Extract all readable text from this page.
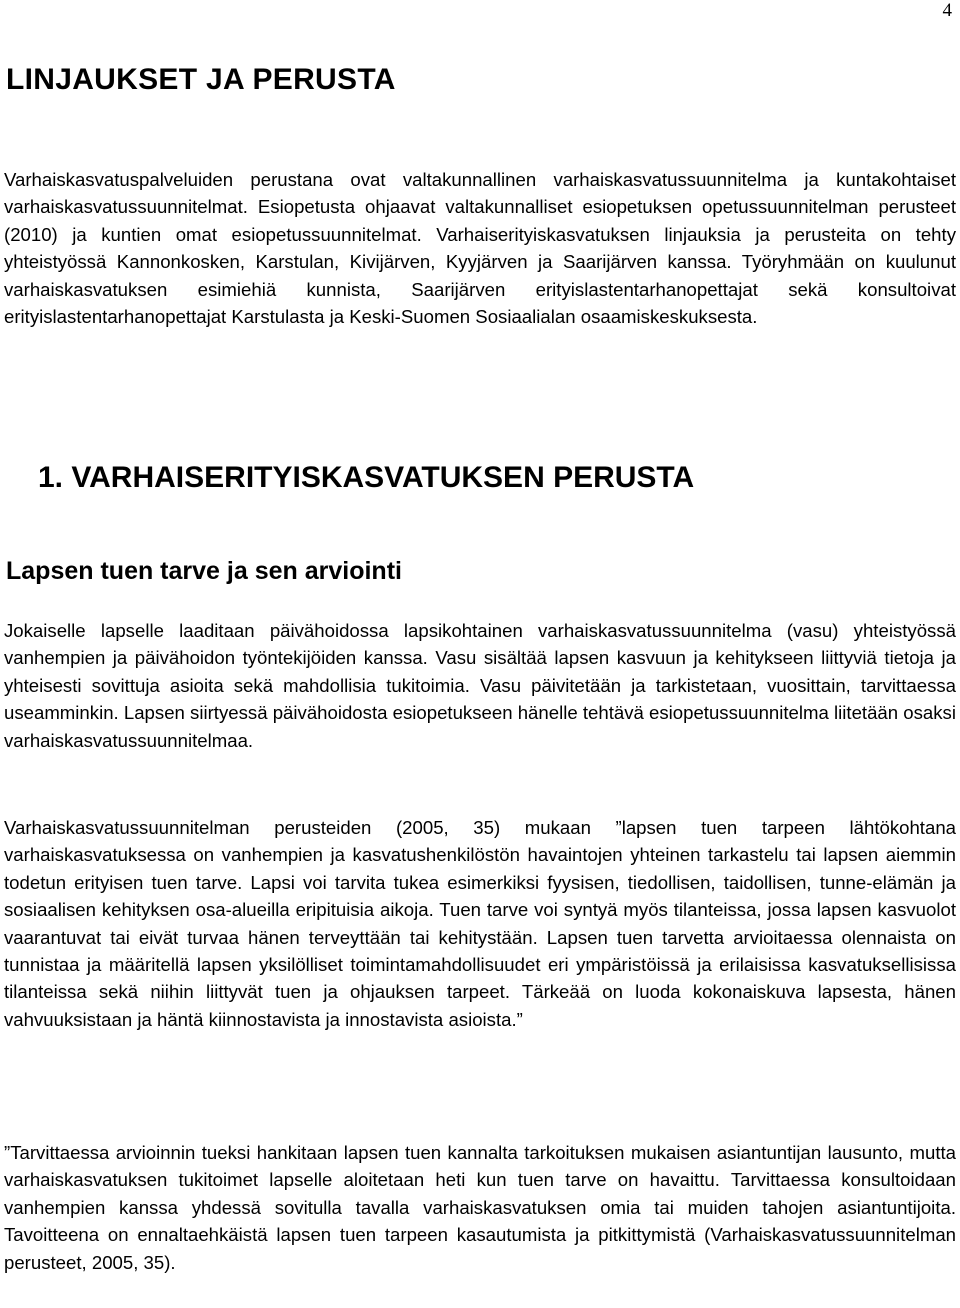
4
LINJAUKSET JA PERUSTA

Varhaiskasvatuspalveluiden perustana ovat valtakunnallinen varhaiskasvatussuunnitelma ja kuntakohtaiset varhaiskasvatussuunnitelmat. Esiopetusta ohjaavat valtakunnalliset esiopetuksen opetussuunnitelman perusteet (2010) ja kuntien omat esiopetussuunnitelmat. Varhaiserityiskasvatuksen linjauksia ja perusteita on tehty yhteistyössä Kannonkosken, Karstulan, Kivijärven, Kyyjärven ja Saarijärven kanssa. Työryhmään on kuulunut varhaiskasvatuksen esimiehiä kunnista, Saarijärven erityislastentarhanopettajat sekä konsultoivat erityislastentarhanopettajat Karstulasta ja Keski-Suomen Sosiaalialan osaamiskeskuksesta.

1. VARHAISERITYISKASVATUKSEN PERUSTA
Lapsen tuen tarve ja sen arviointi

Jokaiselle lapselle laaditaan päivähoidossa lapsikohtainen varhaiskasvatussuunnitelma (vasu) yhteistyössä vanhempien ja päivähoidon työntekijöiden kanssa. Vasu sisältää lapsen kasvuun ja kehitykseen liittyviä tietoja ja yhteisesti sovittuja asioita sekä mahdollisia tukitoimia. Vasu päivitetään ja tarkistetaan, vuosittain, tarvittaessa useamminkin. Lapsen siirtyessä päivähoidosta esiopetukseen hänelle tehtävä esiopetussuunnitelma liitetään osaksi varhaiskasvatussuunnitelmaa.

Varhaiskasvatussuunnitelman perusteiden (2005, 35) mukaan ”lapsen tuen tarpeen lähtökohtana varhaiskasvatuksessa on vanhempien ja kasvatushenkilöstön havaintojen yhteinen tarkastelu tai lapsen aiemmin todetun erityisen tuen tarve. Lapsi voi tarvita tukea esimerkiksi fyysisen, tiedollisen, taidollisen, tunne-elämän ja sosiaalisen kehityksen osa-alueilla eripituisia aikoja. Tuen tarve voi syntyä myös tilanteissa, jossa lapsen kasvuolot vaarantuvat tai eivät turvaa hänen terveyttään tai kehitystään. Lapsen tuen tarvetta arvioitaessa olennaista on tunnistaa ja määritellä lapsen yksilölliset toimintamahdollisuudet eri ympäristöissä ja erilaisissa kasvatuksellisissa tilanteissa sekä niihin liittyvät tuen ja ohjauksen tarpeet. Tärkeää on luoda kokonaiskuva lapsesta, hänen vahvuuksistaan ja häntä kiinnostavista ja innostavista asioista.”

”Tarvittaessa arvioinnin tueksi hankitaan lapsen tuen kannalta tarkoituksen mukaisen asiantuntijan lausunto, mutta varhaiskasvatuksen tukitoimet lapselle aloitetaan heti kun tuen tarve on havaittu. Tarvittaessa konsultoidaan vanhempien kanssa yhdessä sovitulla tavalla varhaiskasvatuksen omia tai muiden tahojen asiantuntijoita. Tavoitteena on ennaltaehkäistä lapsen tuen tarpeen kasautumista ja pitkittymistä (Varhaiskasvatussuunnitelman perusteet, 2005, 35).
